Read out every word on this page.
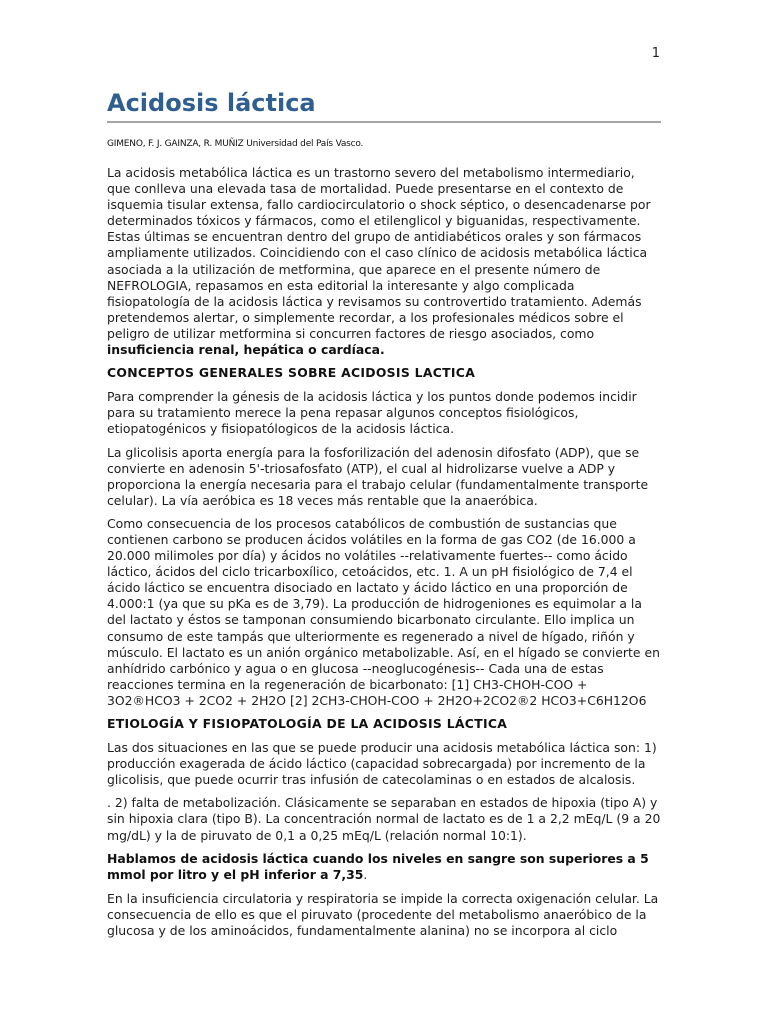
1
Acidosis láctica
GIMENO, F. J. GAINZA, R. MUÑIZ Universidad del País Vasco.

La acidosis metabólica láctica es un trastorno severo del metabolismo intermediario, que conlleva una elevada tasa de mortalidad. Puede presentarse en el contexto de isquemia tisular extensa, fallo cardiocirculatorio o shock séptico, o desencadenarse por determinados tóxicos y fármacos, como el etilenglicol y biguanidas, respectivamente. Estas últimas se encuentran dentro del grupo de antidiabéticos orales y son fármacos ampliamente utilizados. Coincidiendo con el caso clínico de acidosis metabólica láctica asociada a la utilización de metformina, que aparece en el presente número de NEFROLOGIA, repasamos en esta editorial la interesante y algo complicada fisiopatología de la acidosis láctica y revisamos su controvertido tratamiento. Además pretendemos alertar, o simplemente recordar, a los profesionales médicos sobre el peligro de utilizar metformina si concurren factores de riesgo asociados, como insuficiencia renal, hepática o cardíaca.

CONCEPTOS GENERALES SOBRE ACIDOSIS LACTICA

Para comprender la génesis de la acidosis láctica y los puntos donde podemos incidir para su tratamiento merece la pena repasar algunos conceptos fisiológicos, etiopatogénicos y fisiopatólogicos de la acidosis láctica.

La glicolisis aporta energía para la fosforilización del adenosin difosfato (ADP), que se convierte en adenosin 5'-triosafosfato (ATP), el cual al hidrolizarse vuelve a ADP y proporciona la energía necesaria para el trabajo celular (fundamentalmente transporte celular). La vía aeróbica es 18 veces más rentable que la anaeróbica.

Como consecuencia de los procesos catabólicos de combustión de sustancias que contienen carbono se producen ácidos volátiles en la forma de gas CO2 (de 16.000 a 20.000 milimoles por día) y ácidos no volátiles --relativamente fuertes-- como ácido láctico, ácidos del ciclo tricarboxílico, cetoácidos, etc. 1. A un pH fisiológico de 7,4 el ácido láctico se encuentra disociado en lactato y ácido láctico en una proporción de 4.000:1 (ya que su pKa es de 3,79). La producción de hidrogeniones es equimolar a la del lactato y éstos se tamponan consumiendo bicarbonato circulante. Ello implica un consumo de este tampás que ulteriormente es regenerado a nivel de hígado, riñón y músculo. El lactato es un anión orgánico metabolizable. Así, en el hígado se convierte en anhídrido carbónico y agua o en glucosa --neoglucogénesis-- Cada una de estas reacciones termina en la regeneración de bicarbonato: [1] CH3-CHOH-COO + 3O2®HCO3 + 2CO2 + 2H2O [2] 2CH3-CHOH-COO + 2H2O+2CO2®2 HCO3+C6H12O6

ETIOLOGÍA Y FISIOPATOLOGÍA DE LA ACIDOSIS LÁCTICA

Las dos situaciones en las que se puede producir una acidosis metabólica láctica son: 1) producción exagerada de ácido láctico (capacidad sobrecargada) por incremento de la glicolisis, que puede ocurrir tras infusión de catecolaminas o en estados de alcalosis.

. 2) falta de metabolización. Clásicamente se separaban en estados de hipoxia (tipo A) y sin hipoxia clara (tipo B). La concentración normal de lactato es de 1 a 2,2 mEq/L (9 a 20 mg/dL) y la de piruvato de 0,1 a 0,25 mEq/L (relación normal 10:1).

Hablamos de acidosis láctica cuando los niveles en sangre son superiores a 5 mmol por litro y el pH inferior a 7,35.

En la insuficiencia circulatoria y respiratoria se impide la correcta oxigenación celular. La consecuencia de ello es que el piruvato (procedente del metabolismo anaeróbico de la glucosa y de los aminoácidos, fundamentalmente alanina) no se incorpora al ciclo
